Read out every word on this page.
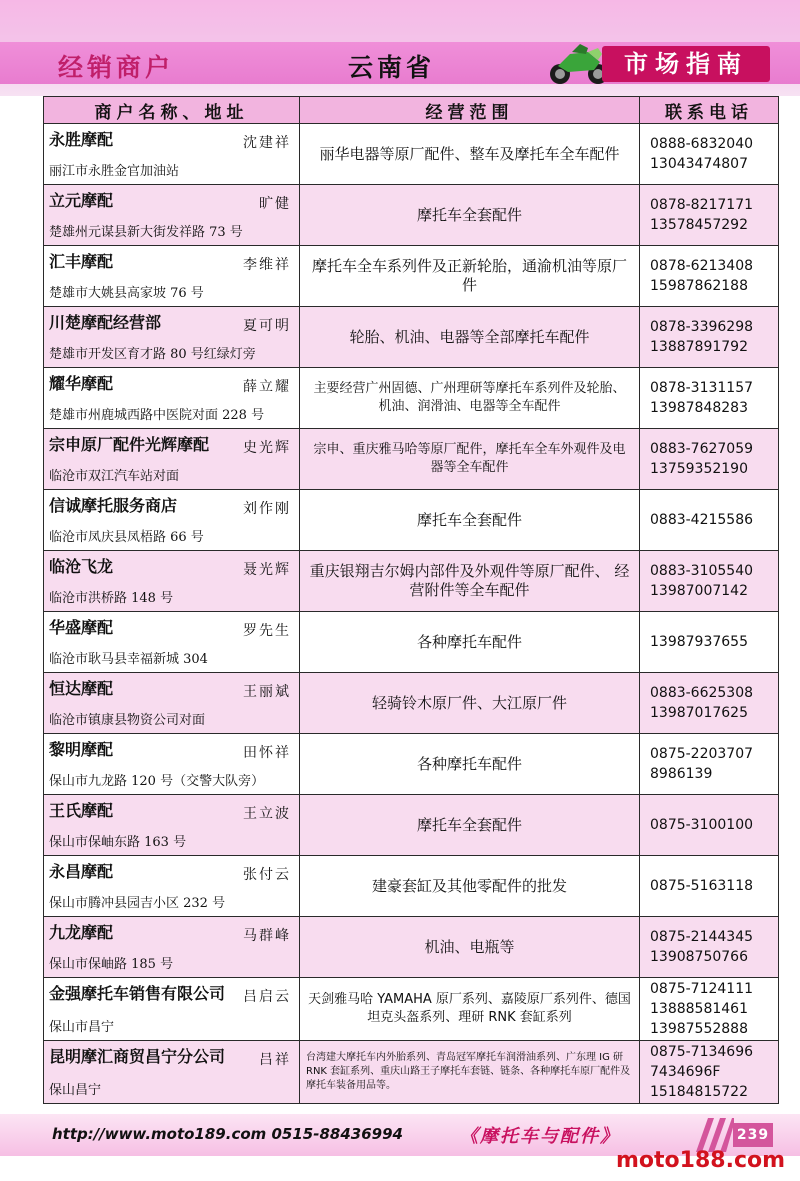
经销商户	云南省	市场指南
商户名称、地址	经营范围	联系电话

永胜摩配 沈建祥
丽江市永胜金官加油站	丽华电器等原厂配件、整车及摩托车全车配件	0888-6832040
13043474807

立元摩配 旷健
楚雄州元谋县新大街发祥路 73 号	摩托车全套配件	0878-8217171
13578457292

汇丰摩配 李维祥
楚雄市大姚县高家坡 76 号	摩托车全车系列件及正新轮胎，通渝机油等原厂件	0878-6213408
15987862188

川楚摩配经营部 夏可明
楚雄市开发区育才路 80 号红绿灯旁	轮胎、机油、电器等全部摩托车配件	0878-3396298
13887891792

耀华摩配 薛立耀
楚雄市州鹿城西路中医院对面 228 号	主要经营广州固德、广州理研等摩托车系列件及轮胎、机油、润滑油、电器等全车配件	0878-3131157
13987848283

宗申原厂配件光辉摩配 史光辉
临沧市双江汽车站对面	宗申、重庆雅马哈等原厂配件，摩托车全车外观件及电器等全车配件	0883-7627059
13759352190

信诚摩托服务商店 刘作刚
临沧市凤庆县凤梧路 66 号	摩托车全套配件	0883-4215586

临沧飞龙 聂光辉
临沧市洪桥路 148 号	重庆银翔吉尔姆内部件及外观件等原厂配件、 经营附件等全车配件	0883-3105540
13987007142

华盛摩配 罗先生
临沧市耿马县幸福新城 304	各种摩托车配件	13987937655

恒达摩配 王丽斌
临沧市镇康县物资公司对面	轻骑铃木原厂件、大江原厂件	0883-6625308
13987017625

黎明摩配 田怀祥
保山市九龙路 120 号（交警大队旁）	各种摩托车配件	0875-2203707
8986139

王氏摩配 王立波
保山市保岫东路 163 号	摩托车全套配件	0875-3100100

永昌摩配 张付云
保山市腾冲县园吉小区 232 号	建豪套缸及其他零配件的批发	0875-5163118

九龙摩配 马群峰
保山市保岫路 185 号	机油、电瓶等	0875-2144345
13908750766

金强摩托车销售有限公司 吕启云
保山市昌宁	天剑雅马哈 YAMAHA 原厂系列、嘉陵原厂系列件、德国坦克头盔系列、理研 RNK 套缸系列	0875-7124111
13888581461
13987552888

昆明摩汇商贸昌宁分公司 吕祥
保山昌宁	台湾建大摩托车内外胎系列、青岛冠军摩托车润滑油系列、广东理 IG 研 RNK 套缸系列、重庆山路王子摩托车套链、链条、各种摩托车原厂配件及摩托车装备用品等。	0875-7134696
7434696F
15184815722
http://www.moto189.com 0515-88436994	《摩托车与配件》	239
moto188.com
